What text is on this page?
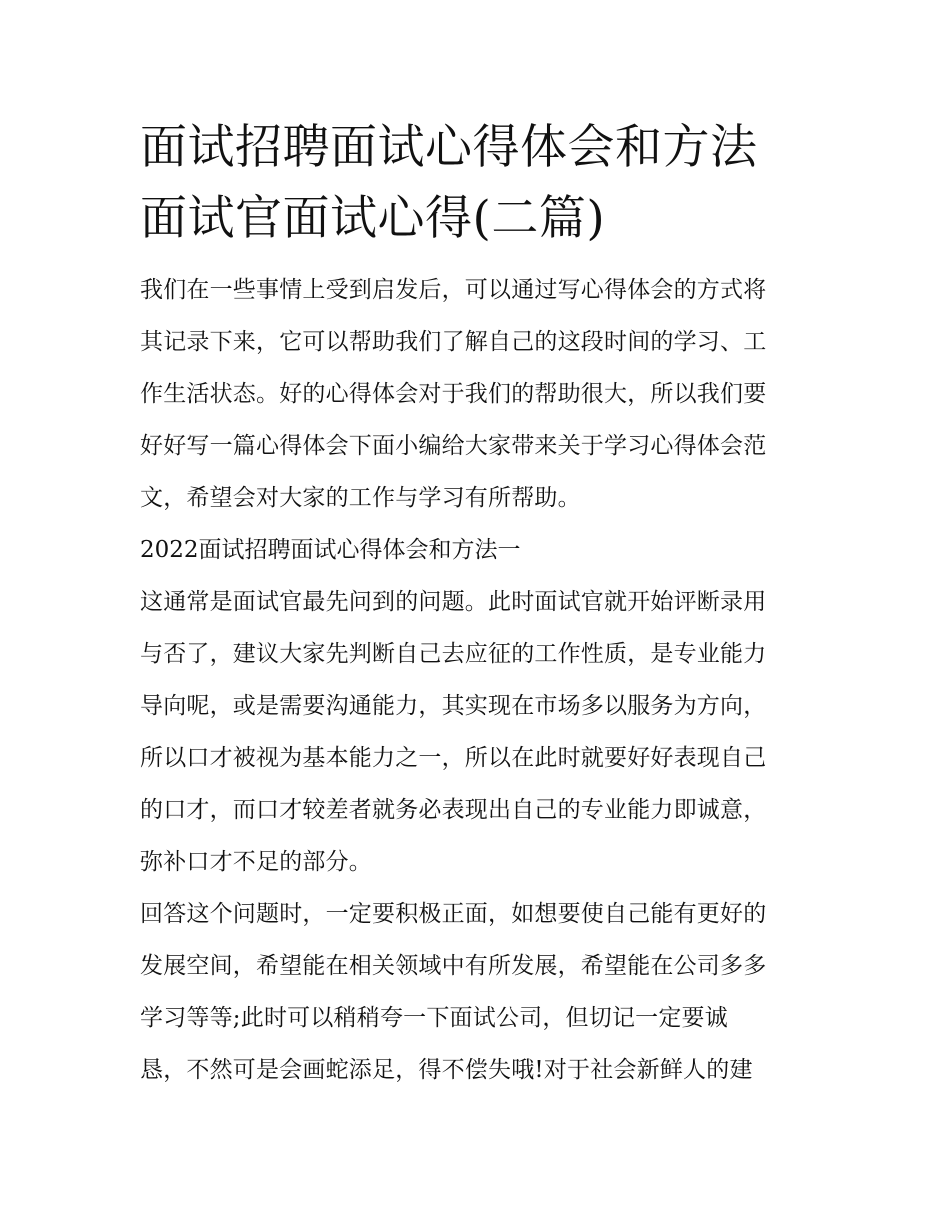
面试招聘面试心得体会和方法
面试官面试心得(二篇)

我们在一些事情上受到启发后，可以通过写心得体会的方式将
其记录下来，它可以帮助我们了解自己的这段时间的学习、工
作生活状态。好的心得体会对于我们的帮助很大，所以我们要
好好写一篇心得体会下面小编给大家带来关于学习心得体会范
文，希望会对大家的工作与学习有所帮助。

2022面试招聘面试心得体会和方法一

这通常是面试官最先问到的问题。此时面试官就开始评断录用
与否了，建议大家先判断自己去应征的工作性质，是专业能力
导向呢，或是需要沟通能力，其实现在市场多以服务为方向，
所以口才被视为基本能力之一，所以在此时就要好好表现自己
的口才，而口才较差者就务必表现出自己的专业能力即诚意，
弥补口才不足的部分。

回答这个问题时，一定要积极正面，如想要使自己能有更好的
发展空间，希望能在相关领域中有所发展，希望能在公司多多
学习等等;此时可以稍稍夸一下面试公司，但切记一定要诚
恳，不然可是会画蛇添足，得不偿失哦!对于社会新鲜人的建
